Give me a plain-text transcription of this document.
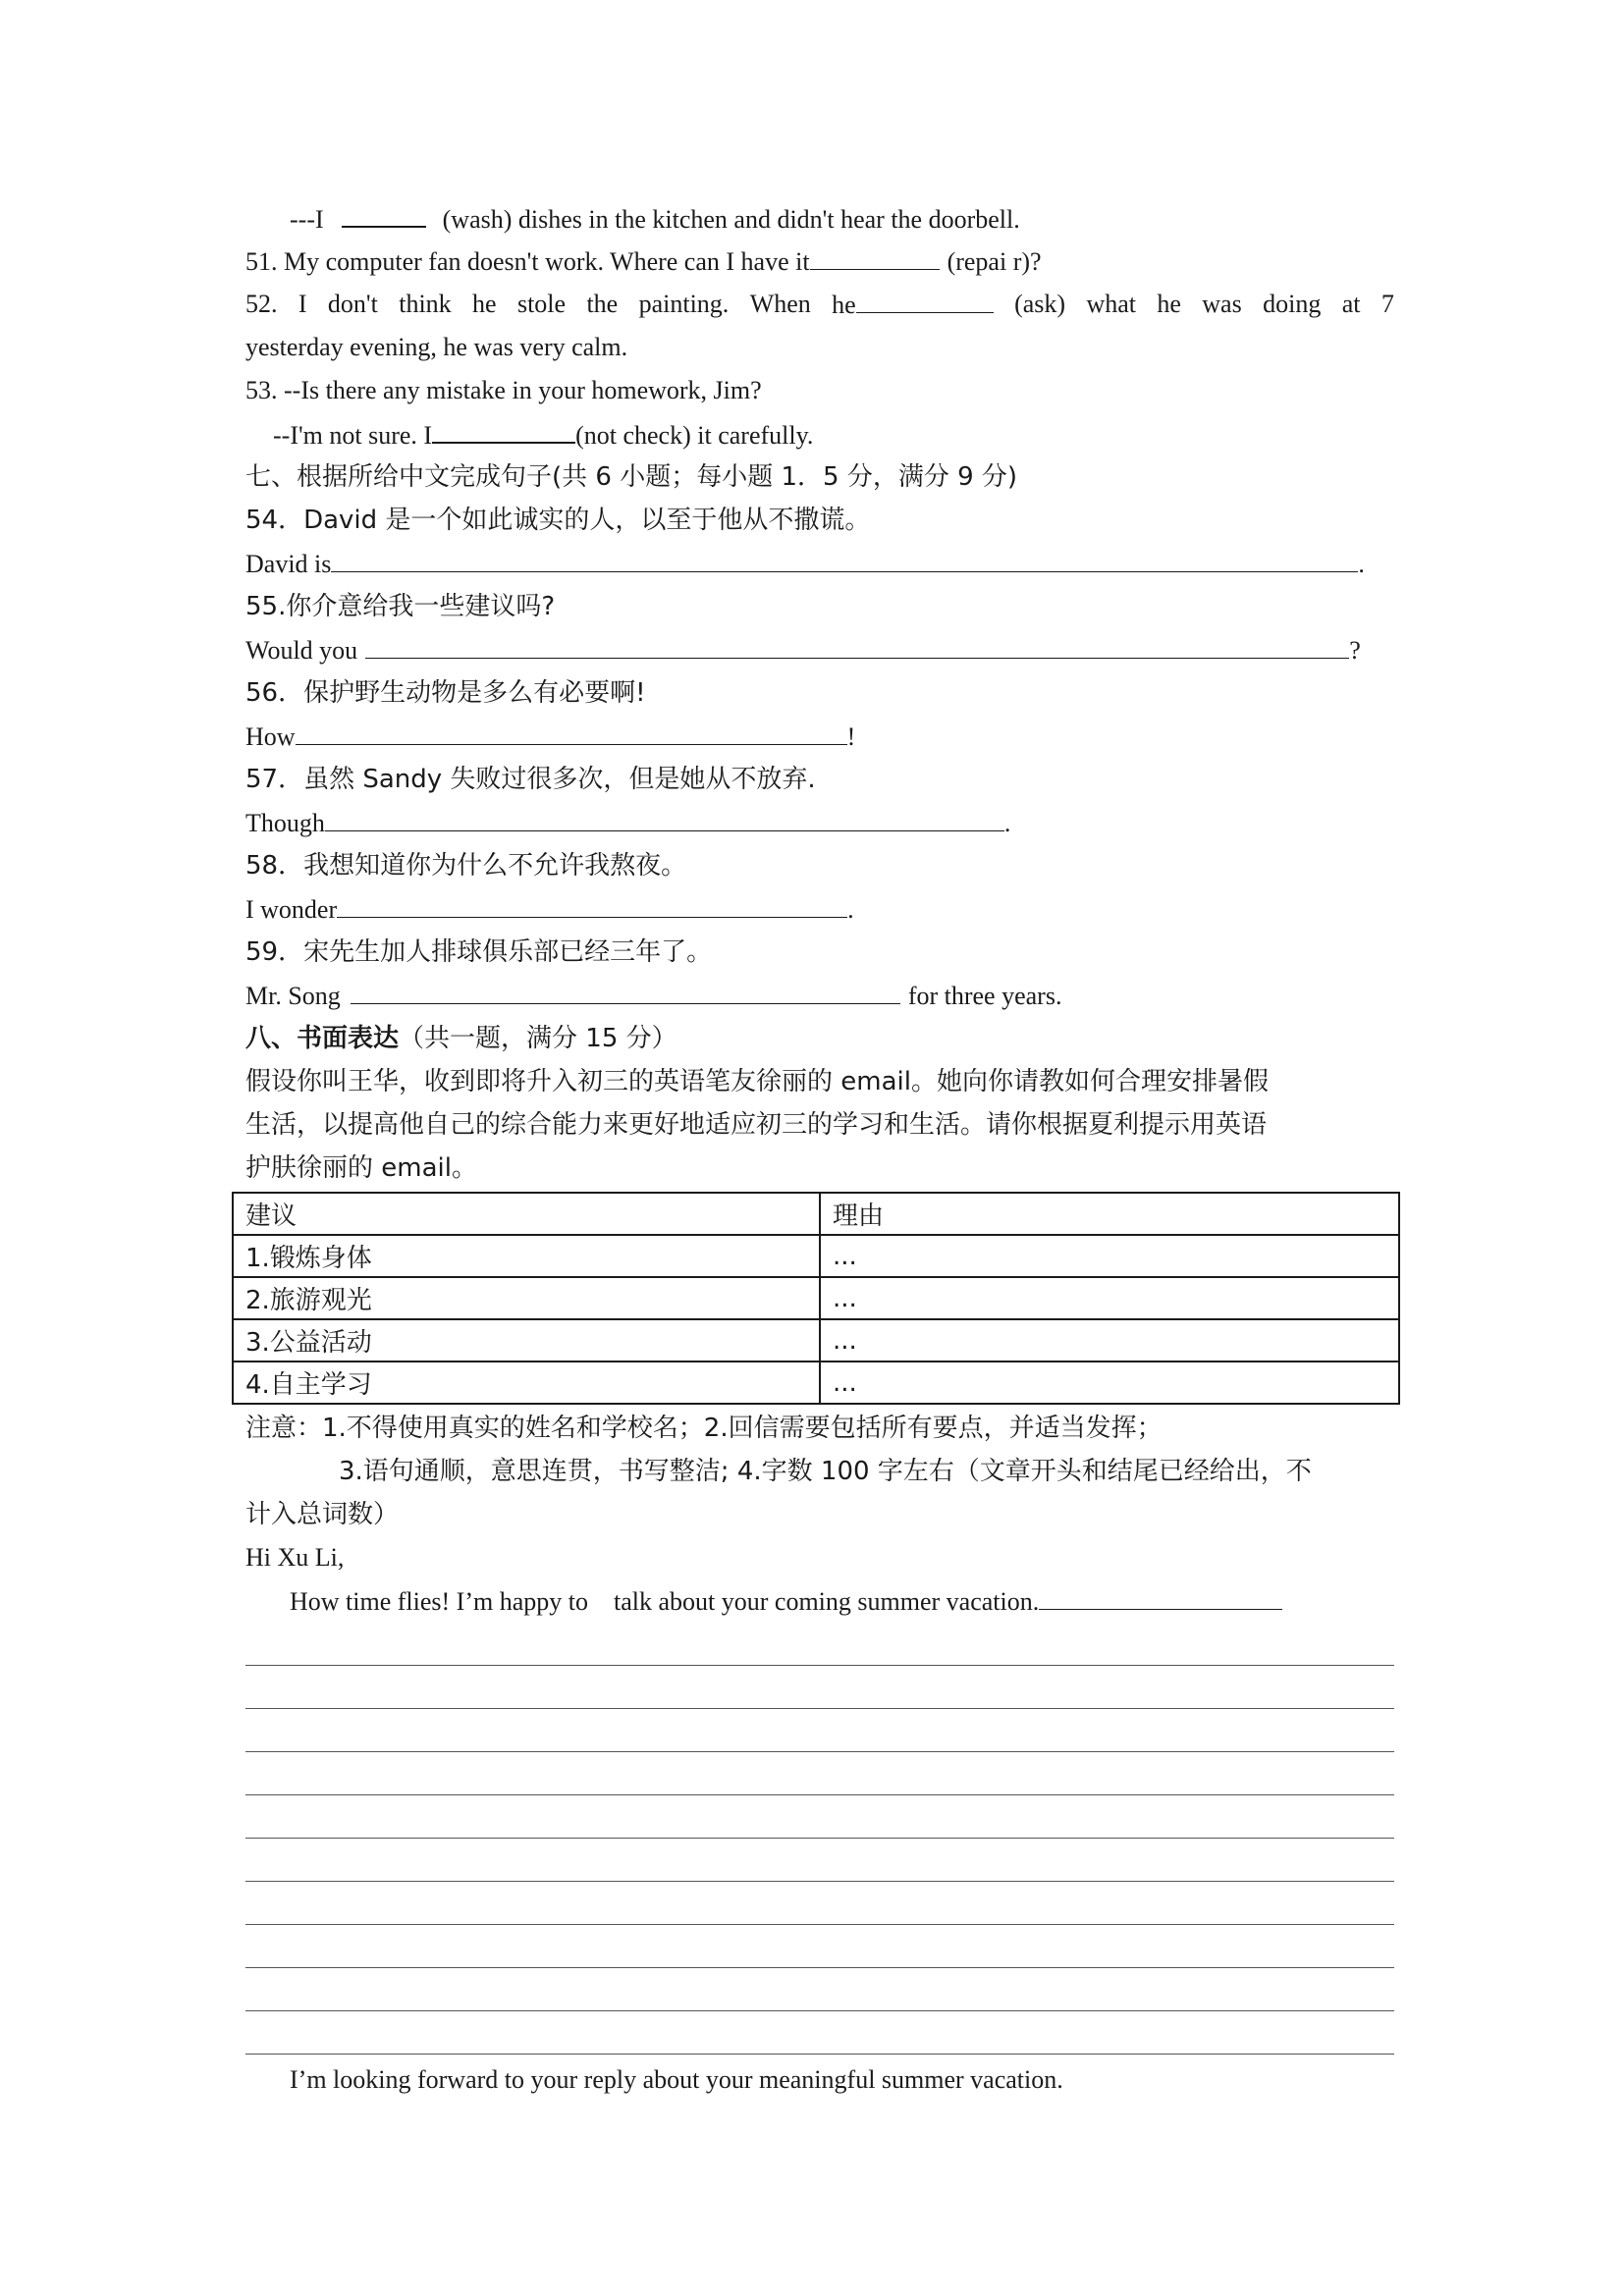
---I	(wash) dishes in the kitchen and didn't hear the doorbell.
51. My computer fan doesn't work. Where can I have it	(repai r)?
52. I don't think he stole the painting. When he	(ask) what he was doing at 7
yesterday evening, he was very calm.
53. --Is there any mistake in your homework, Jim?
--I'm not sure. I	(not check) it carefully.
七、根据所给中文完成句子(共 6 小题；每小题 1．5 分，满分 9 分)
54．David 是一个如此诚实的人，以至于他从不撒谎。
David is	.
55.你介意给我一些建议吗?
Would you	?
56．保护野生动物是多么有必要啊!
How	!
57．虽然 Sandy 失败过很多次，但是她从不放弃.
Though	.
58．我想知道你为什么不允许我熬夜。
I wonder	.
59．宋先生加人排球俱乐部已经三年了。
Mr. Song	for three years.
八、书面表达（共一题，满分 15 分）
假设你叫王华，收到即将升入初三的英语笔友徐丽的 email。她向你请教如何合理安排暑假
生活，以提高他自己的综合能力来更好地适应初三的学习和生活。请你根据夏利提示用英语
护肤徐丽的 email。
建议	理由
1.锻炼身体	...
2.旅游观光	...
3.公益活动	...
4.自主学习	...
注意：1.不得使用真实的姓名和学校名；2.回信需要包括所有要点，并适当发挥；
3.语句通顺，意思连贯，书写整洁; 4.字数 100 字左右（文章开头和结尾已经给出，不
计入总词数）
Hi Xu Li,
How time flies! I’m happy to    talk about your coming summer vacation.
I’m looking forward to your reply about your meaningful summer vacation.
